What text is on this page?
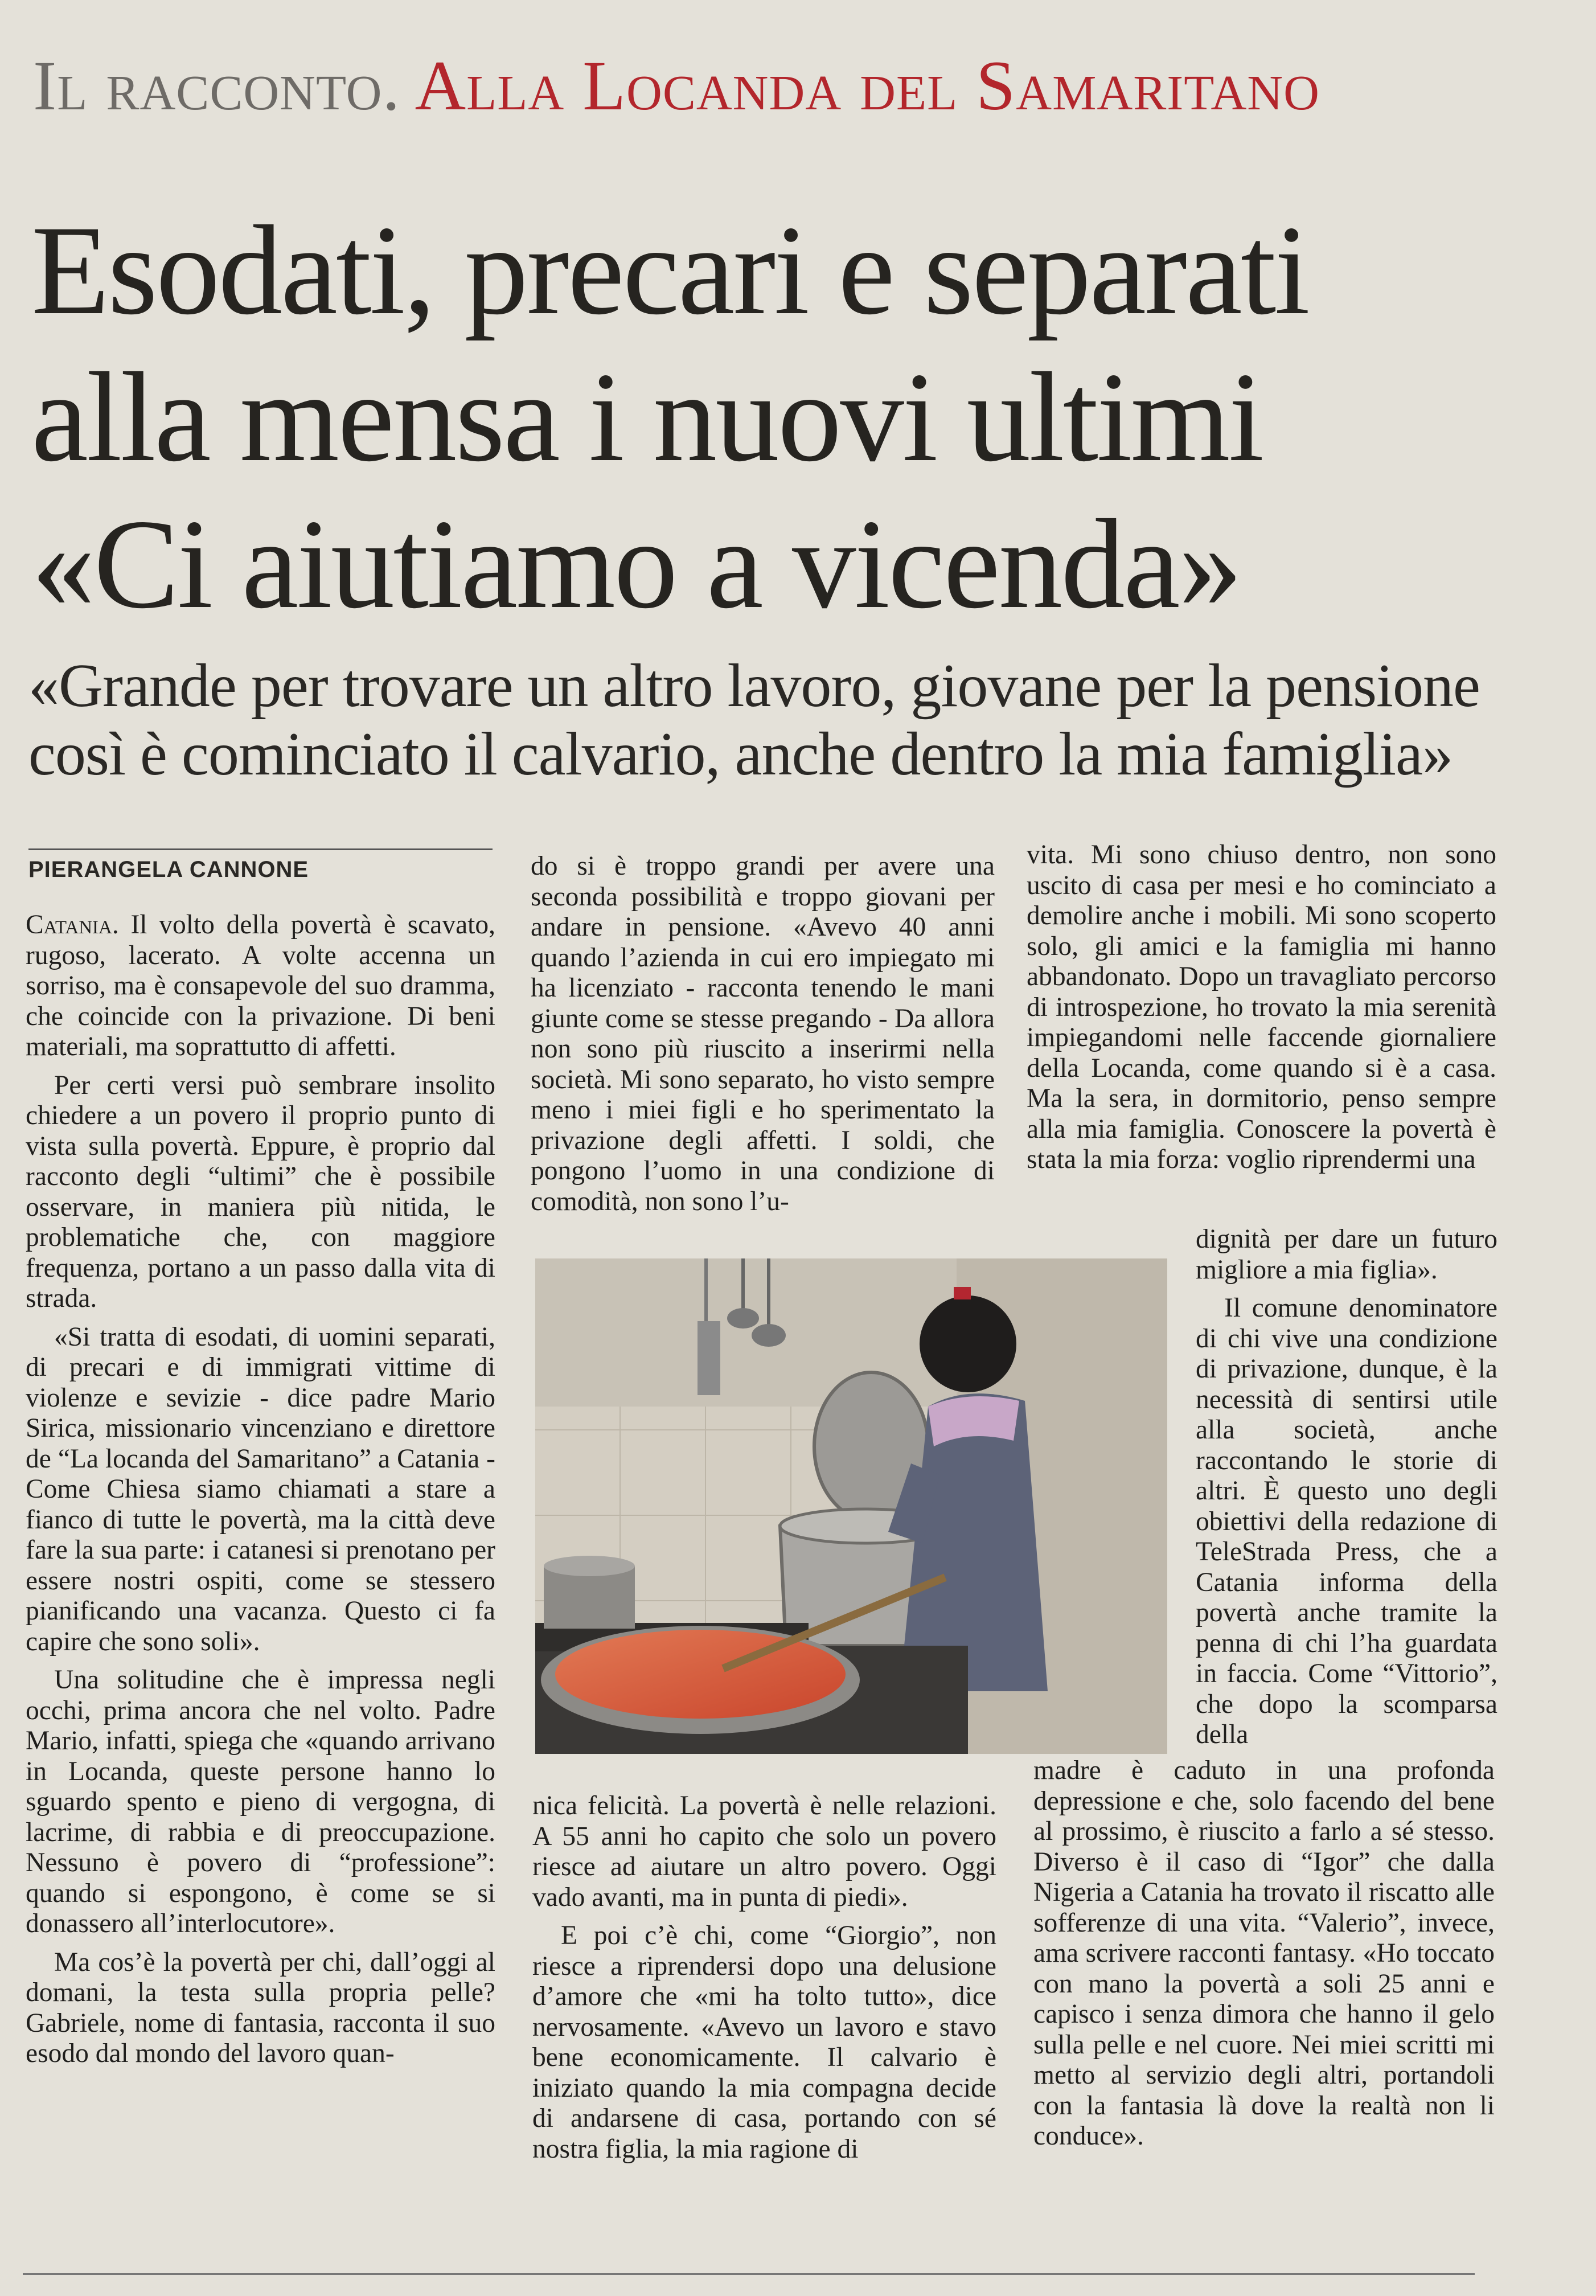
Il racconto. Alla Locanda del Samaritano
Esodati, precari e separati
alla mensa i nuovi ultimi
«Ci aiutiamo a vicenda»
«Grande per trovare un altro lavoro, giovane per la pensione
così è cominciato il calvario, anche dentro la mia famiglia»
PIERANGELA CANNONE

Catania. Il volto della povertà è scavato, rugoso, lacerato. A volte accenna un sorriso, ma è consapevole del suo dramma, che coincide con la privazione. Di beni materiali, ma soprattutto di affetti.

Per certi versi può sembrare insolito chiedere a un povero il proprio punto di vista sulla povertà. Eppure, è proprio dal racconto degli “ultimi” che è possibile osservare, in maniera più nitida, le problematiche che, con maggiore frequenza, portano a un passo dalla vita di strada.

«Si tratta di esodati, di uomini separati, di precari e di immigrati vittime di violenze e sevizie - dice padre Mario Sirica, missionario vincenziano e direttore de “La locanda del Samaritano” a Catania - Come Chiesa siamo chiamati a stare a fianco di tutte le povertà, ma la città deve fare la sua parte: i catanesi si prenotano per essere nostri ospiti, come se stessero pianificando una vacanza. Questo ci fa capire che sono soli».

Una solitudine che è impressa negli occhi, prima ancora che nel volto. Padre Mario, infatti, spiega che «quando arrivano in Locanda, queste persone hanno lo sguardo spento e pieno di vergogna, di lacrime, di rabbia e di preoccupazione. Nessuno è povero di “professione”: quando si espongono, è come se si donassero all’interlocutore».

Ma cos’è la povertà per chi, dall’oggi al domani, la testa sulla propria pelle? Gabriele, nome di fantasia, racconta il suo esodo dal mondo del lavoro quan-

do si è troppo grandi per avere una seconda possibilità e troppo giovani per andare in pensione. «Avevo 40 anni quando l’azienda in cui ero impiegato mi ha licenziato - racconta tenendo le mani giunte come se stesse pregando - Da allora non sono più riuscito a inserirmi nella società. Mi sono separato, ho visto sempre meno i miei figli e ho sperimentato la privazione degli affetti. I soldi, che pongono l’uomo in una condizione di comodità, non sono l’u-

vita. Mi sono chiuso dentro, non sono uscito di casa per mesi e ho cominciato a demolire anche i mobili. Mi sono scoperto solo, gli amici e la famiglia mi hanno abbandonato. Dopo un travagliato percorso di introspezione, ho trovato la mia serenità impiegandomi nelle faccende giornaliere della Locanda, come quando si è a casa. Ma la sera, in dormitorio, penso sempre alla mia famiglia. Conoscere la povertà è stata la mia forza: voglio riprendermi una

dignità per dare un futuro migliore a mia figlia».

Il comune denominatore di chi vive una condizione di privazione, dunque, è la necessità di sentirsi utile alla società, anche raccontando le storie di altri. È questo uno degli obiettivi della redazione di TeleStrada Press, che a Catania informa della povertà anche tramite la penna di chi l’ha guardata in faccia. Come “Vittorio”, che dopo la scomparsa della

nica felicità. La povertà è nelle relazioni. A 55 anni ho capito che solo un povero riesce ad aiutare un altro povero. Oggi vado avanti, ma in punta di piedi».

E poi c’è chi, come “Giorgio”, non riesce a riprendersi dopo una delusione d’amore che «mi ha tolto tutto», dice nervosamente. «Avevo un lavoro e stavo bene economicamente. Il calvario è iniziato quando la mia compagna decide di andarsene di casa, portando con sé nostra figlia, la mia ragione di

madre è caduto in una profonda depressione e che, solo facendo del bene al prossimo, è riuscito a farlo a sé stesso. Diverso è il caso di “Igor” che dalla Nigeria a Catania ha trovato il riscatto alle sofferenze di una vita. “Valerio”, invece, ama scrivere racconti fantasy. «Ho toccato con mano la povertà a soli 25 anni e capisco i senza dimora che hanno il gelo sulla pelle e nel cuore. Nei miei scritti mi metto al servizio degli altri, portandoli con la fantasia là dove la realtà non li conduce».
